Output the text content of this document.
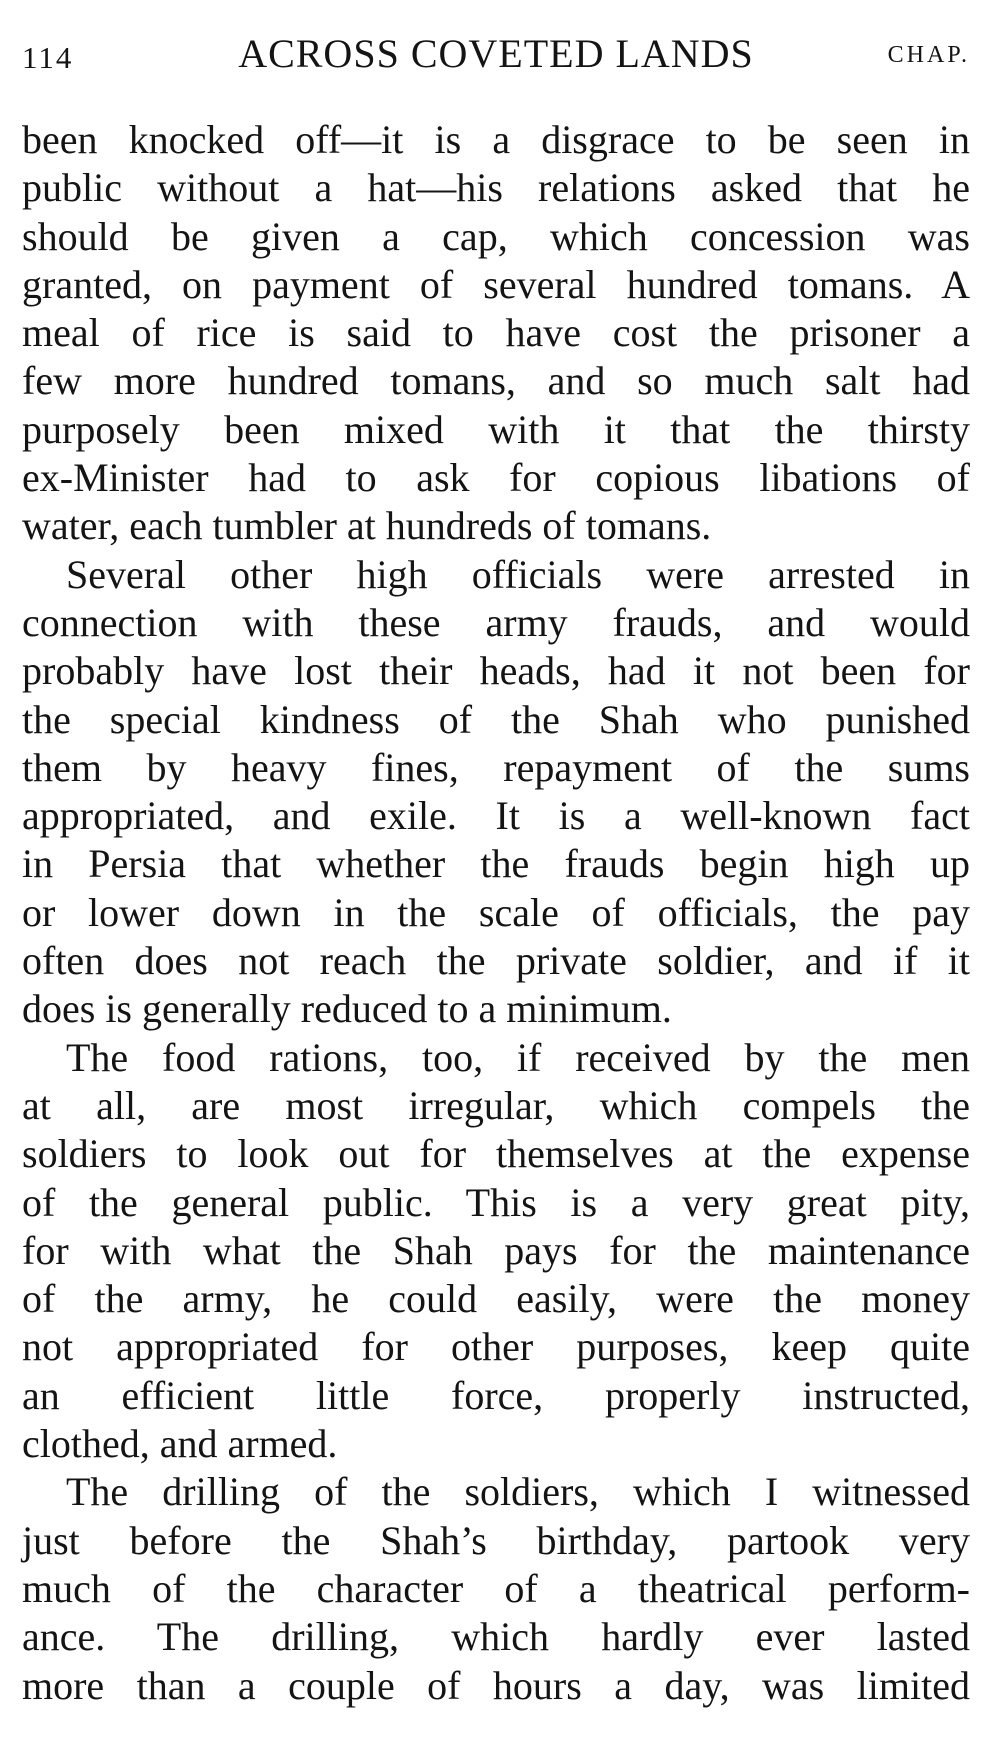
114	ACROSS COVETED LANDS	CHAP.
been knocked off—it is a disgrace to be seen in
public without a hat—his relations asked that he
should be given a cap, which concession was
granted, on payment of several hundred tomans. A
meal of rice is said to have cost the prisoner a
few more hundred tomans, and so much salt had
purposely been mixed with it that the thirsty
ex-Minister had to ask for copious libations of
water, each tumbler at hundreds of tomans.
Several other high officials were arrested in
connection with these army frauds, and would
probably have lost their heads, had it not been for
the special kindness of the Shah who punished
them by heavy fines, repayment of the sums
appropriated, and exile. It is a well-known fact
in Persia that whether the frauds begin high up
or lower down in the scale of officials, the pay
often does not reach the private soldier, and if it
does is generally reduced to a minimum.
The food rations, too, if received by the men
at all, are most irregular, which compels the
soldiers to look out for themselves at the expense
of the general public. This is a very great pity,
for with what the Shah pays for the maintenance
of the army, he could easily, were the money
not appropriated for other purposes, keep quite
an efficient little force, properly instructed,
clothed, and armed.
The drilling of the soldiers, which I witnessed
just before the Shah’s birthday, partook very
much of the character of a theatrical perform-
ance. The drilling, which hardly ever lasted
more than a couple of hours a day, was limited
